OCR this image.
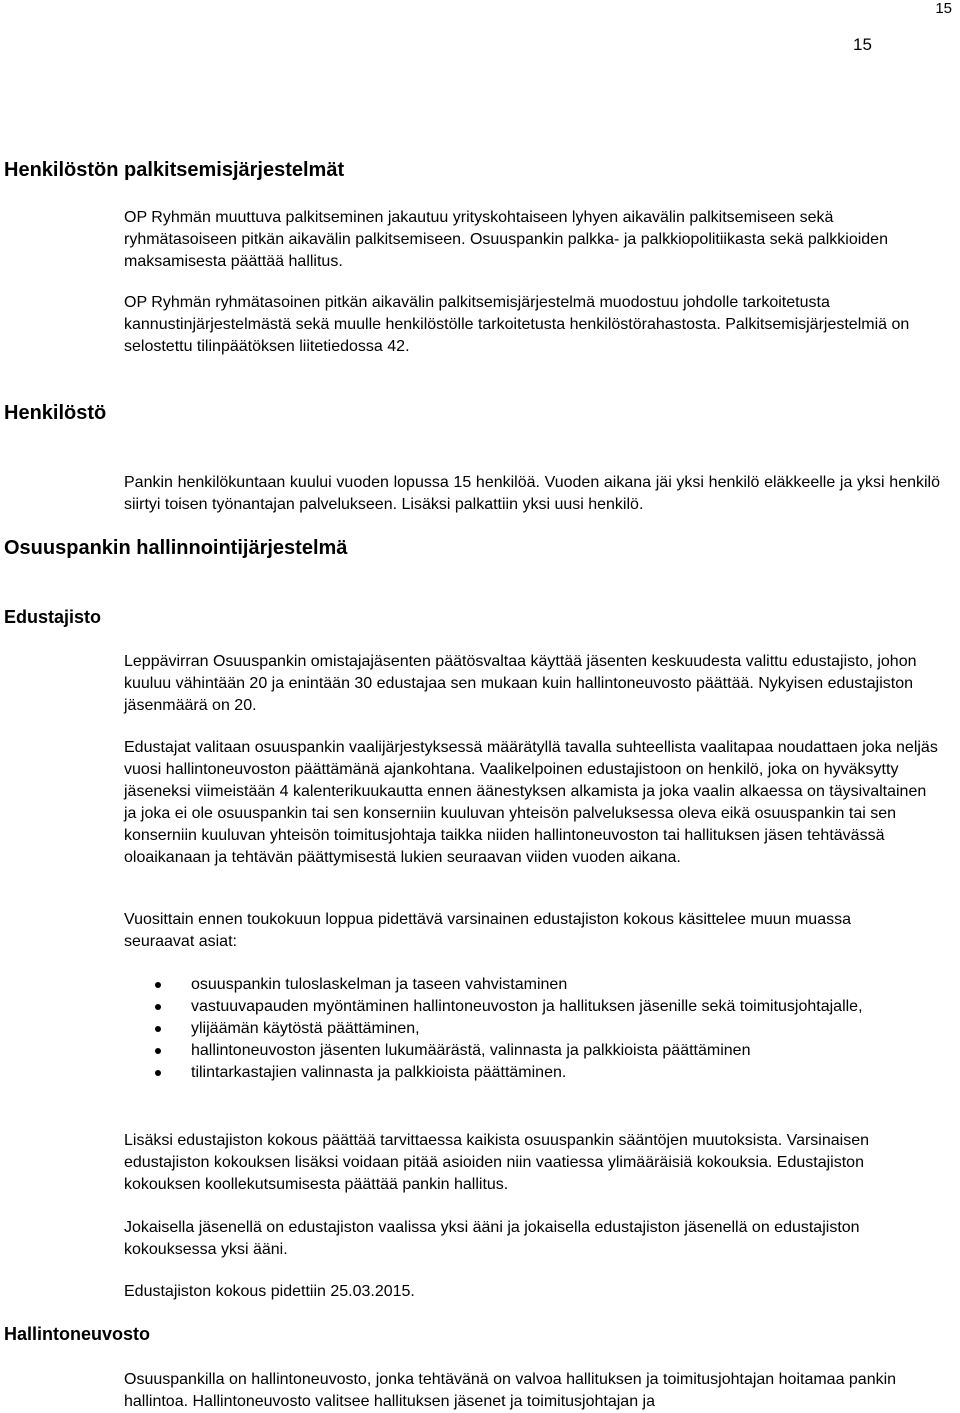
15
15
Henkilöstön palkitsemisjärjestelmät
OP Ryhmän muuttuva palkitseminen jakautuu yrityskohtaiseen lyhyen aikavälin palkitsemiseen sekä ryhmätasoiseen pitkän aikavälin palkitsemiseen. Osuuspankin palkka- ja palkkiopolitiikasta sekä palkkioiden maksamisesta päättää hallitus.
OP Ryhmän ryhmätasoinen pitkän aikavälin palkitsemisjärjestelmä muodostuu johdolle tarkoitetusta kannustinjärjestelmästä sekä muulle henkilöstölle tarkoitetusta henkilöstörahastosta. Palkitsemisjärjestelmiä on selostettu tilinpäätöksen liitetiedossa 42.
Henkilöstö
Pankin henkilökuntaan kuului vuoden lopussa 15 henkilöä. Vuoden aikana jäi yksi henkilö eläkkeelle ja yksi henkilö siirtyi toisen työnantajan palvelukseen. Lisäksi palkattiin yksi uusi henkilö.
Osuuspankin hallinnointijärjestelmä
Edustajisto
Leppävirran Osuuspankin omistajajäsenten päätösvaltaa käyttää jäsenten keskuudesta valittu edustajisto, johon kuuluu vähintään 20 ja enintään 30 edustajaa sen mukaan kuin hallintoneuvosto päättää. Nykyisen edustajiston jäsenmäärä on 20.
Edustajat valitaan osuuspankin vaalijärjestyksessä määrätyllä tavalla suhteellista vaalitapaa noudattaen joka neljäs vuosi hallintoneuvoston päättämänä ajankohtana. Vaalikelpoinen edustajistoon on henkilö, joka on hyväksytty jäseneksi viimeistään 4 kalenterikuukautta ennen äänestyksen alkamista ja joka vaalin alkaessa on täysivaltainen ja joka ei ole osuuspankin tai sen konserniin kuuluvan yhteisön palveluksessa oleva eikä osuuspankin tai sen konserniin kuuluvan yhteisön toimitusjohtaja taikka niiden hallintoneuvoston tai hallituksen jäsen tehtävässä oloaikanaan ja tehtävän päättymisestä lukien seuraavan viiden vuoden aikana.
Vuosittain ennen toukokuun loppua pidettävä varsinainen edustajiston kokous käsittelee muun muassa seuraavat asiat:
osuuspankin tuloslaskelman ja taseen vahvistaminen
vastuuvapauden myöntäminen hallintoneuvoston ja hallituksen jäsenille sekä toimitusjohtajalle,
ylijäämän käytöstä päättäminen,
hallintoneuvoston jäsenten lukumäärästä, valinnasta ja palkkioista päättäminen
tilintarkastajien valinnasta ja palkkioista päättäminen.
Lisäksi edustajiston kokous päättää tarvittaessa kaikista osuuspankin sääntöjen muutoksista. Varsinaisen edustajiston kokouksen lisäksi voidaan pitää asioiden niin vaatiessa ylimääräisiä kokouksia. Edustajiston kokouksen koollekutsumisesta päättää pankin hallitus.
Jokaisella jäsenellä on edustajiston vaalissa yksi ääni ja jokaisella edustajiston jäsenellä on edustajiston kokouksessa yksi ääni.
Edustajiston kokous pidettiin 25.03.2015.
Hallintoneuvosto
Osuuspankilla on hallintoneuvosto, jonka tehtävänä on valvoa hallituksen ja toimitusjohtajan hoitamaa pankin hallintoa. Hallintoneuvosto valitsee hallituksen jäsenet ja toimitusjohtajan ja
